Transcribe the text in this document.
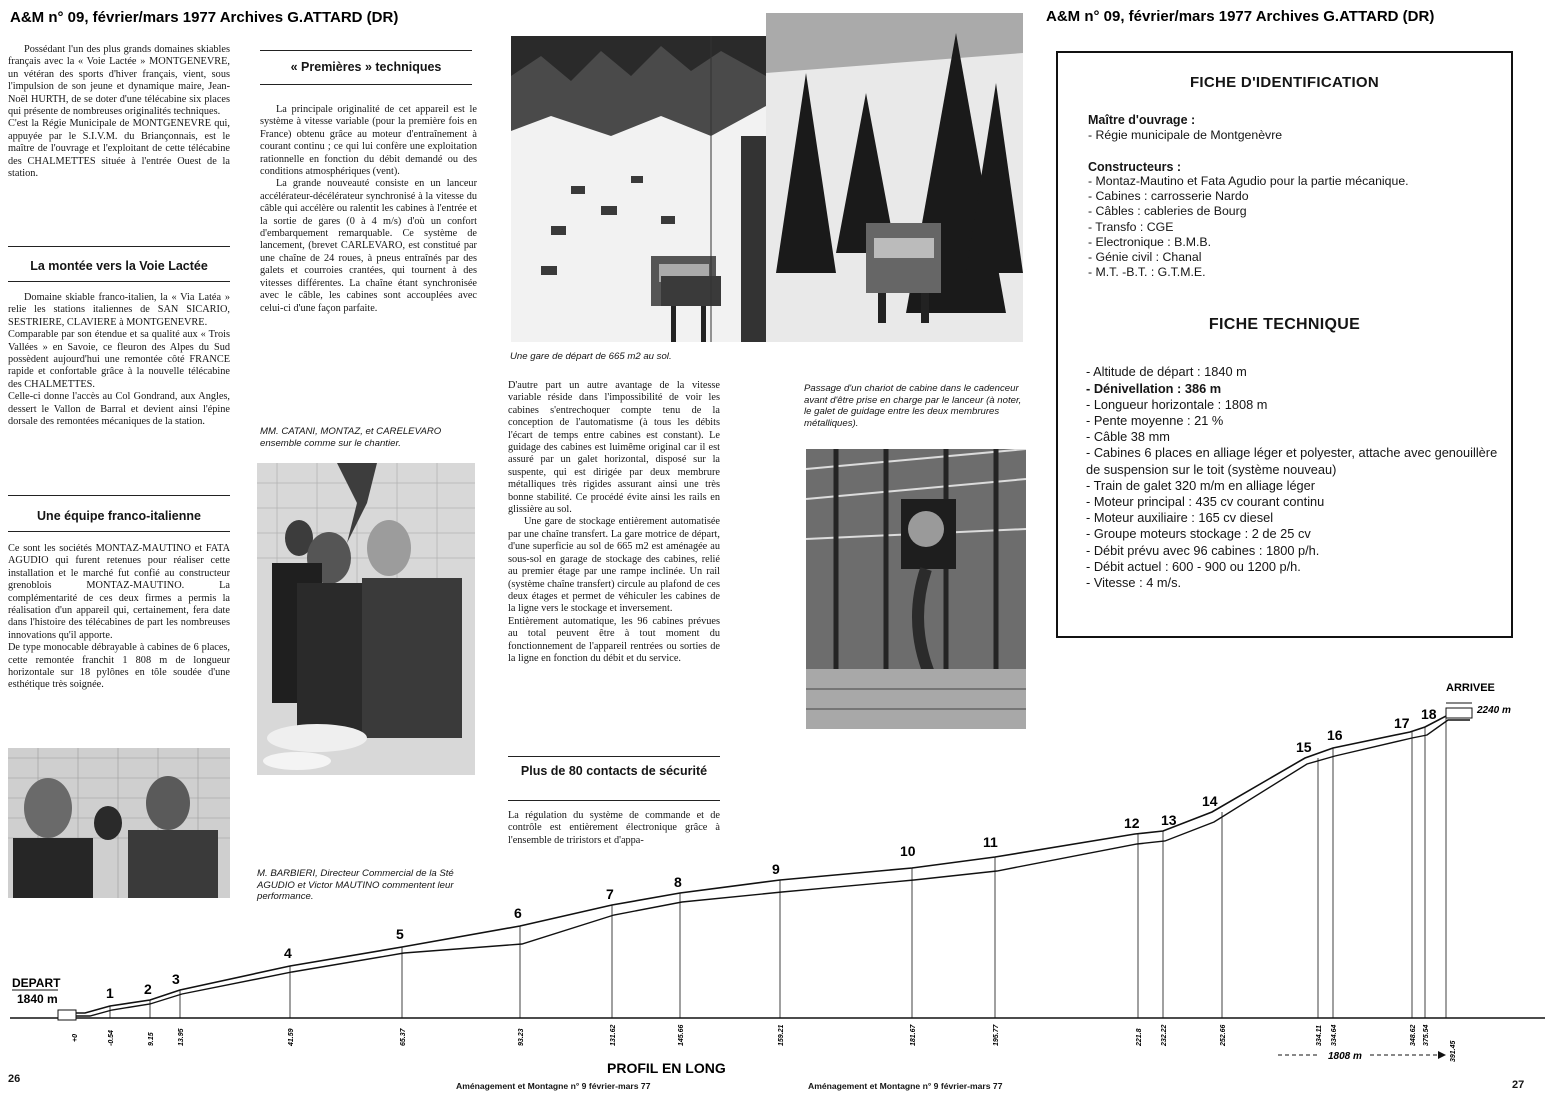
A&M n° 09, février/mars 1977 Archives G.ATTARD (DR)	A&M n° 09, février/mars 1977 Archives G.ATTARD (DR)

Possédant l'un des plus grands domaines skiables français avec la « Voie Lactée » MONTGENEVRE, un vétéran des sports d'hiver français, vient, sous l'impulsion de son jeune et dynamique maire, Jean-Noël HURTH, de se doter d'une télécabine six places qui présente de nombreuses originalités techniques.

C'est la Régie Municipale de MONTGENEVRE qui, appuyée par le S.I.V.M. du Briançonnais, est le maître de l'ouvrage et l'exploitant de cette télécabine des CHALMETTES située à l'entrée Ouest de la station.

La montée vers la Voie Lactée

Domaine skiable franco-italien, la « Via Latéa » relie les stations italiennes de SAN SICARIO, SESTRIERE, CLAVIERE à MONTGENEVRE.

Comparable par son étendue et sa qualité aux « Trois Vallées » en Savoie, ce fleuron des Alpes du Sud possèdent aujourd'hui une remontée côté FRANCE rapide et confortable grâce à la nouvelle télécabine des CHALMETTES.

Celle-ci donne l'accès au Col Gondrand, aux Angles, dessert le Vallon de Barral et devient ainsi l'épine dorsale des remontées mécaniques de la station.

Une équipe franco-italienne

Ce sont les sociétés MONTAZ-MAUTINO et FATA AGUDIO qui furent retenues pour réaliser cette installation et le marché fut confié au constructeur grenoblois MONTAZ-MAUTINO. La complémentarité de ces deux firmes a permis la réalisation d'un appareil qui, certainement, fera date dans l'histoire des télécabines de part les nombreuses innovations qu'il apporte.

De type monocable débrayable à cabines de 6 places, cette remontée franchit 1 808 m de longueur horizontale sur 18 pylônes en tôle soudée d'une esthétique très soignée.

« Premières » techniques

La principale originalité de cet appareil est le système à vitesse variable (pour la première fois en France) obtenu grâce au moteur d'entraînement à courant continu ; ce qui lui confère une exploitation rationnelle en fonction du débit demandé ou des conditions atmosphériques (vent).

La grande nouveauté consiste en un lanceur accélérateur-décélérateur synchronisé à la vitesse du câble qui accélère ou ralentit les cabines à l'entrée et la sortie de gares (0 à 4 m/s) d'où un confort d'embarquement remarquable. Ce système de lancement, (brevet CARLEVARO, est constitué par une chaîne de 24 roues, à pneus entraînés par des galets et courroies crantées, qui tournent à des vitesses différentes. La chaîne étant synchronisée avec le câble, les cabines sont accouplées avec celui-ci d'une façon parfaite.

MM. CATANI, MONTAZ, et CARELEVARO ensemble comme sur le chantier.
M. BARBIERI, Directeur Commercial de la Sté AGUDIO et Victor MAUTINO commentent leur performance.
Une gare de départ de 665 m2 au sol.

D'autre part un autre avantage de la vitesse variable réside dans l'impossibilité de voir les cabines s'entrechoquer compte tenu de la conception de l'automatisme (à tous les débits l'écart de temps entre cabines est constant). Le guidage des cabines est luimême original car il est assuré par un galet horizontal, disposé sur la suspente, qui est dirigée par deux membrure métalliques très rigides assurant ainsi une très bonne stabilité. Ce procédé évite ainsi les rails en glissière au sol.

Une gare de stockage entièrement automatisée par une chaîne transfert. La gare motrice de départ, d'une superficie au sol de 665 m2 est aménagée au sous-sol en garage de stockage des cabines, relié au premier étage par une rampe inclinée. Un rail (système chaîne transfert) circule au plafond de ces deux étages et permet de véhiculer les cabines de la ligne vers le stockage et inversement.

Entièrement automatique, les 96 cabines prévues au total peuvent être à tout moment du fonctionnement de l'appareil rentrées ou sorties de la ligne en fonction du débit et du service.

Plus de 80 contacts de sécurité

La régulation du système de commande et de contrôle est entièrement électronique grâce à l'ensemble de triristors et d'appa-

Passage d'un chariot de cabine dans le cadenceur avant d'être prise en charge par le lanceur (à noter, le galet de guidage entre les deux membrures métalliques).
FICHE D'IDENTIFICATION
Maître d'ouvrage :
- Régie municipale de Montgenèvre
Constructeurs :
- Montaz-Mautino et Fata Agudio pour la partie mécanique.
- Cabines : carrosserie Nardo
- Câbles : cableries de Bourg
- Transfo : CGE
- Electronique : B.M.B.
- Génie civil : Chanal
- M.T. -B.T. : G.T.M.E.
FICHE TECHNIQUE
- Altitude de départ : 1840 m
- Dénivellation : 386 m
- Longueur horizontale : 1808 m
- Pente moyenne : 21 %
- Câble 38 mm
- Cabines 6 places en alliage léger et polyester, attache avec genouillère de suspension sur le toit (système nouveau)
- Train de galet 320 m/m en alliage léger
- Moteur principal : 435 cv courant continu
- Moteur auxiliaire : 165 cv diesel
- Groupe moteurs stockage : 2 de 25 cv
- Débit prévu avec 96 cabines : 1800 p/h.
- Débit actuel : 600 - 900 ou 1200 p/h.
- Vitesse : 4 m/s.
1 2
3
4
5
6
7
8
9
10
11
12 13
14
15
16
17
18
-0.54	9.15	13.95	41.59	65.37	93.23	131.62	145.66	159.21	181.67	195.77	221.8	232.22	252.66	334.11 334.64	348.62 375.54
DEPART
1840 m
ARRIVEE
2240 m
PROFIL EN LONG
1808 m
+0
391.45
26
Aménagement et Montagne n° 9 février-mars 77	Aménagement et Montagne n° 9 février-mars 77	27
